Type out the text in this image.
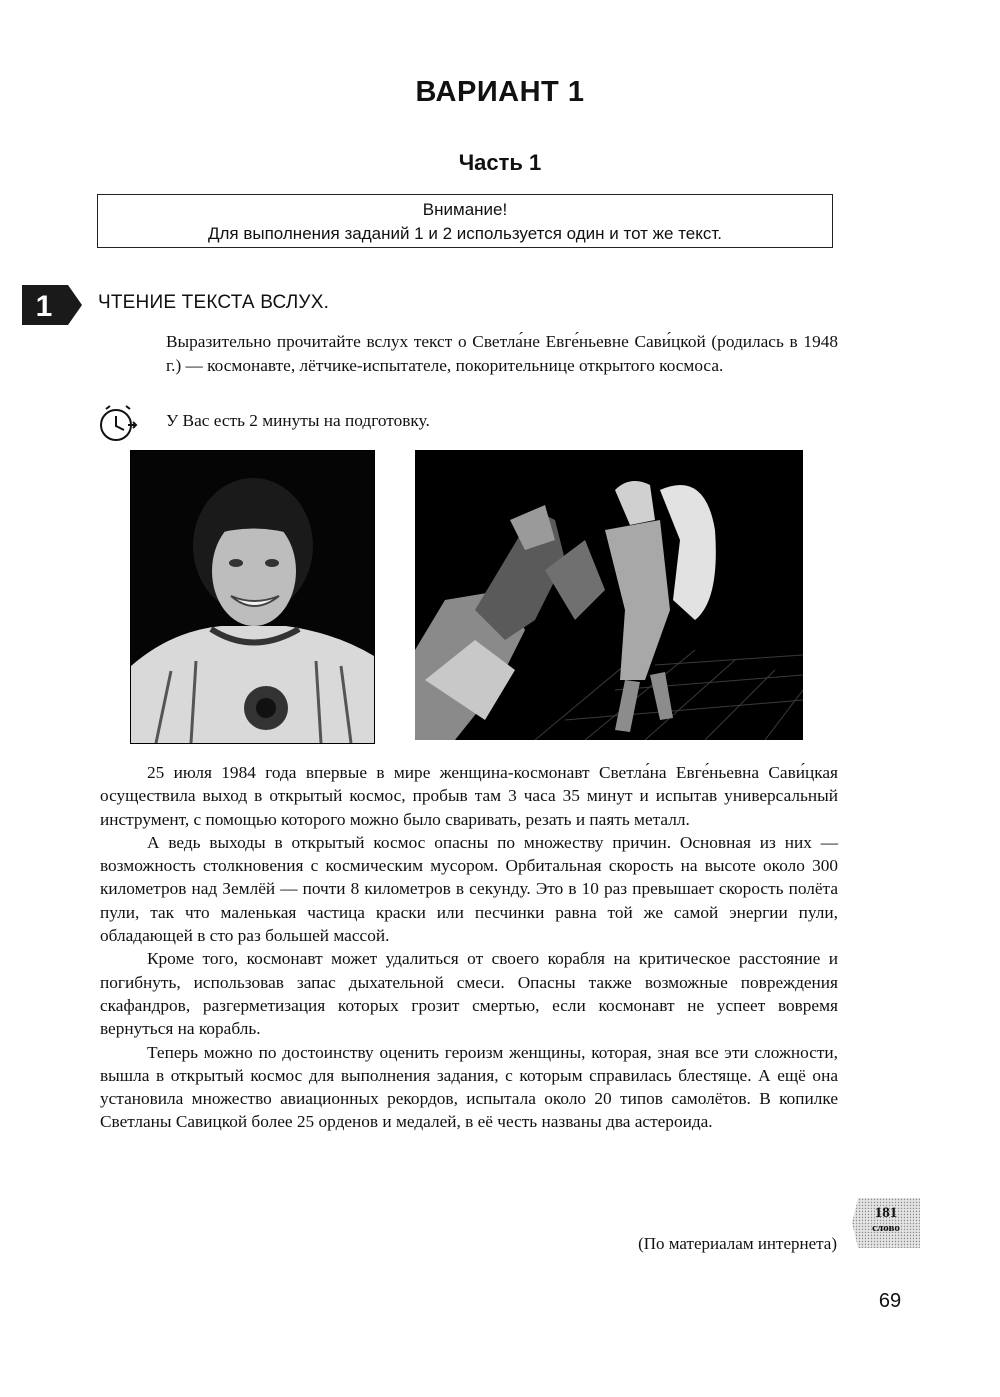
ВАРИАНТ 1
Часть 1
Внимание!
Для выполнения заданий 1 и 2 используется один и тот же текст.
1 ЧТЕНИЕ ТЕКСТА ВСЛУХ.

Выразительно прочитайте вслух текст о Светла́не Евге́ньевне Сави́цкой (родилась в 1948 г.) — космонавте, лётчике-испытателе, покорительнице открытого космоса.

У Вас есть 2 минуты на подготовку.

25 июля 1984 года впервые в мире женщина-космонавт Светла́на Евге́ньевна Сави́цкая осуществила выход в открытый космос, пробыв там 3 часа 35 минут и испытав универсальный инструмент, с помощью которого можно было сваривать, резать и паять металл.

А ведь выходы в открытый космос опасны по множеству причин. Основная из них — возможность столкновения с космическим мусором. Орбитальная скорость на высоте около 300 километров над Землёй — почти 8 километров в секунду. Это в 10 раз превышает скорость полёта пули, так что маленькая частица краски или песчинки равна той же самой энергии пули, обладающей в сто раз большей массой.

Кроме того, космонавт может удалиться от своего корабля на критическое расстояние и погибнуть, использовав запас дыхательной смеси. Опасны также возможные повреждения скафандров, разгерметизация которых грозит смертью, если космонавт не успеет вовремя вернуться на корабль.

Теперь можно по достоинству оценить героизм женщины, которая, зная все эти сложности, вышла в открытый космос для выполнения задания, с которым справилась блестяще. А ещё она установила множество авиационных рекордов, испытала около 20 типов самолётов. В копилке Светланы Савицкой более 25 орденов и медалей, в её честь названы два астероида.

(По материалам интернета)
181
слово
69
